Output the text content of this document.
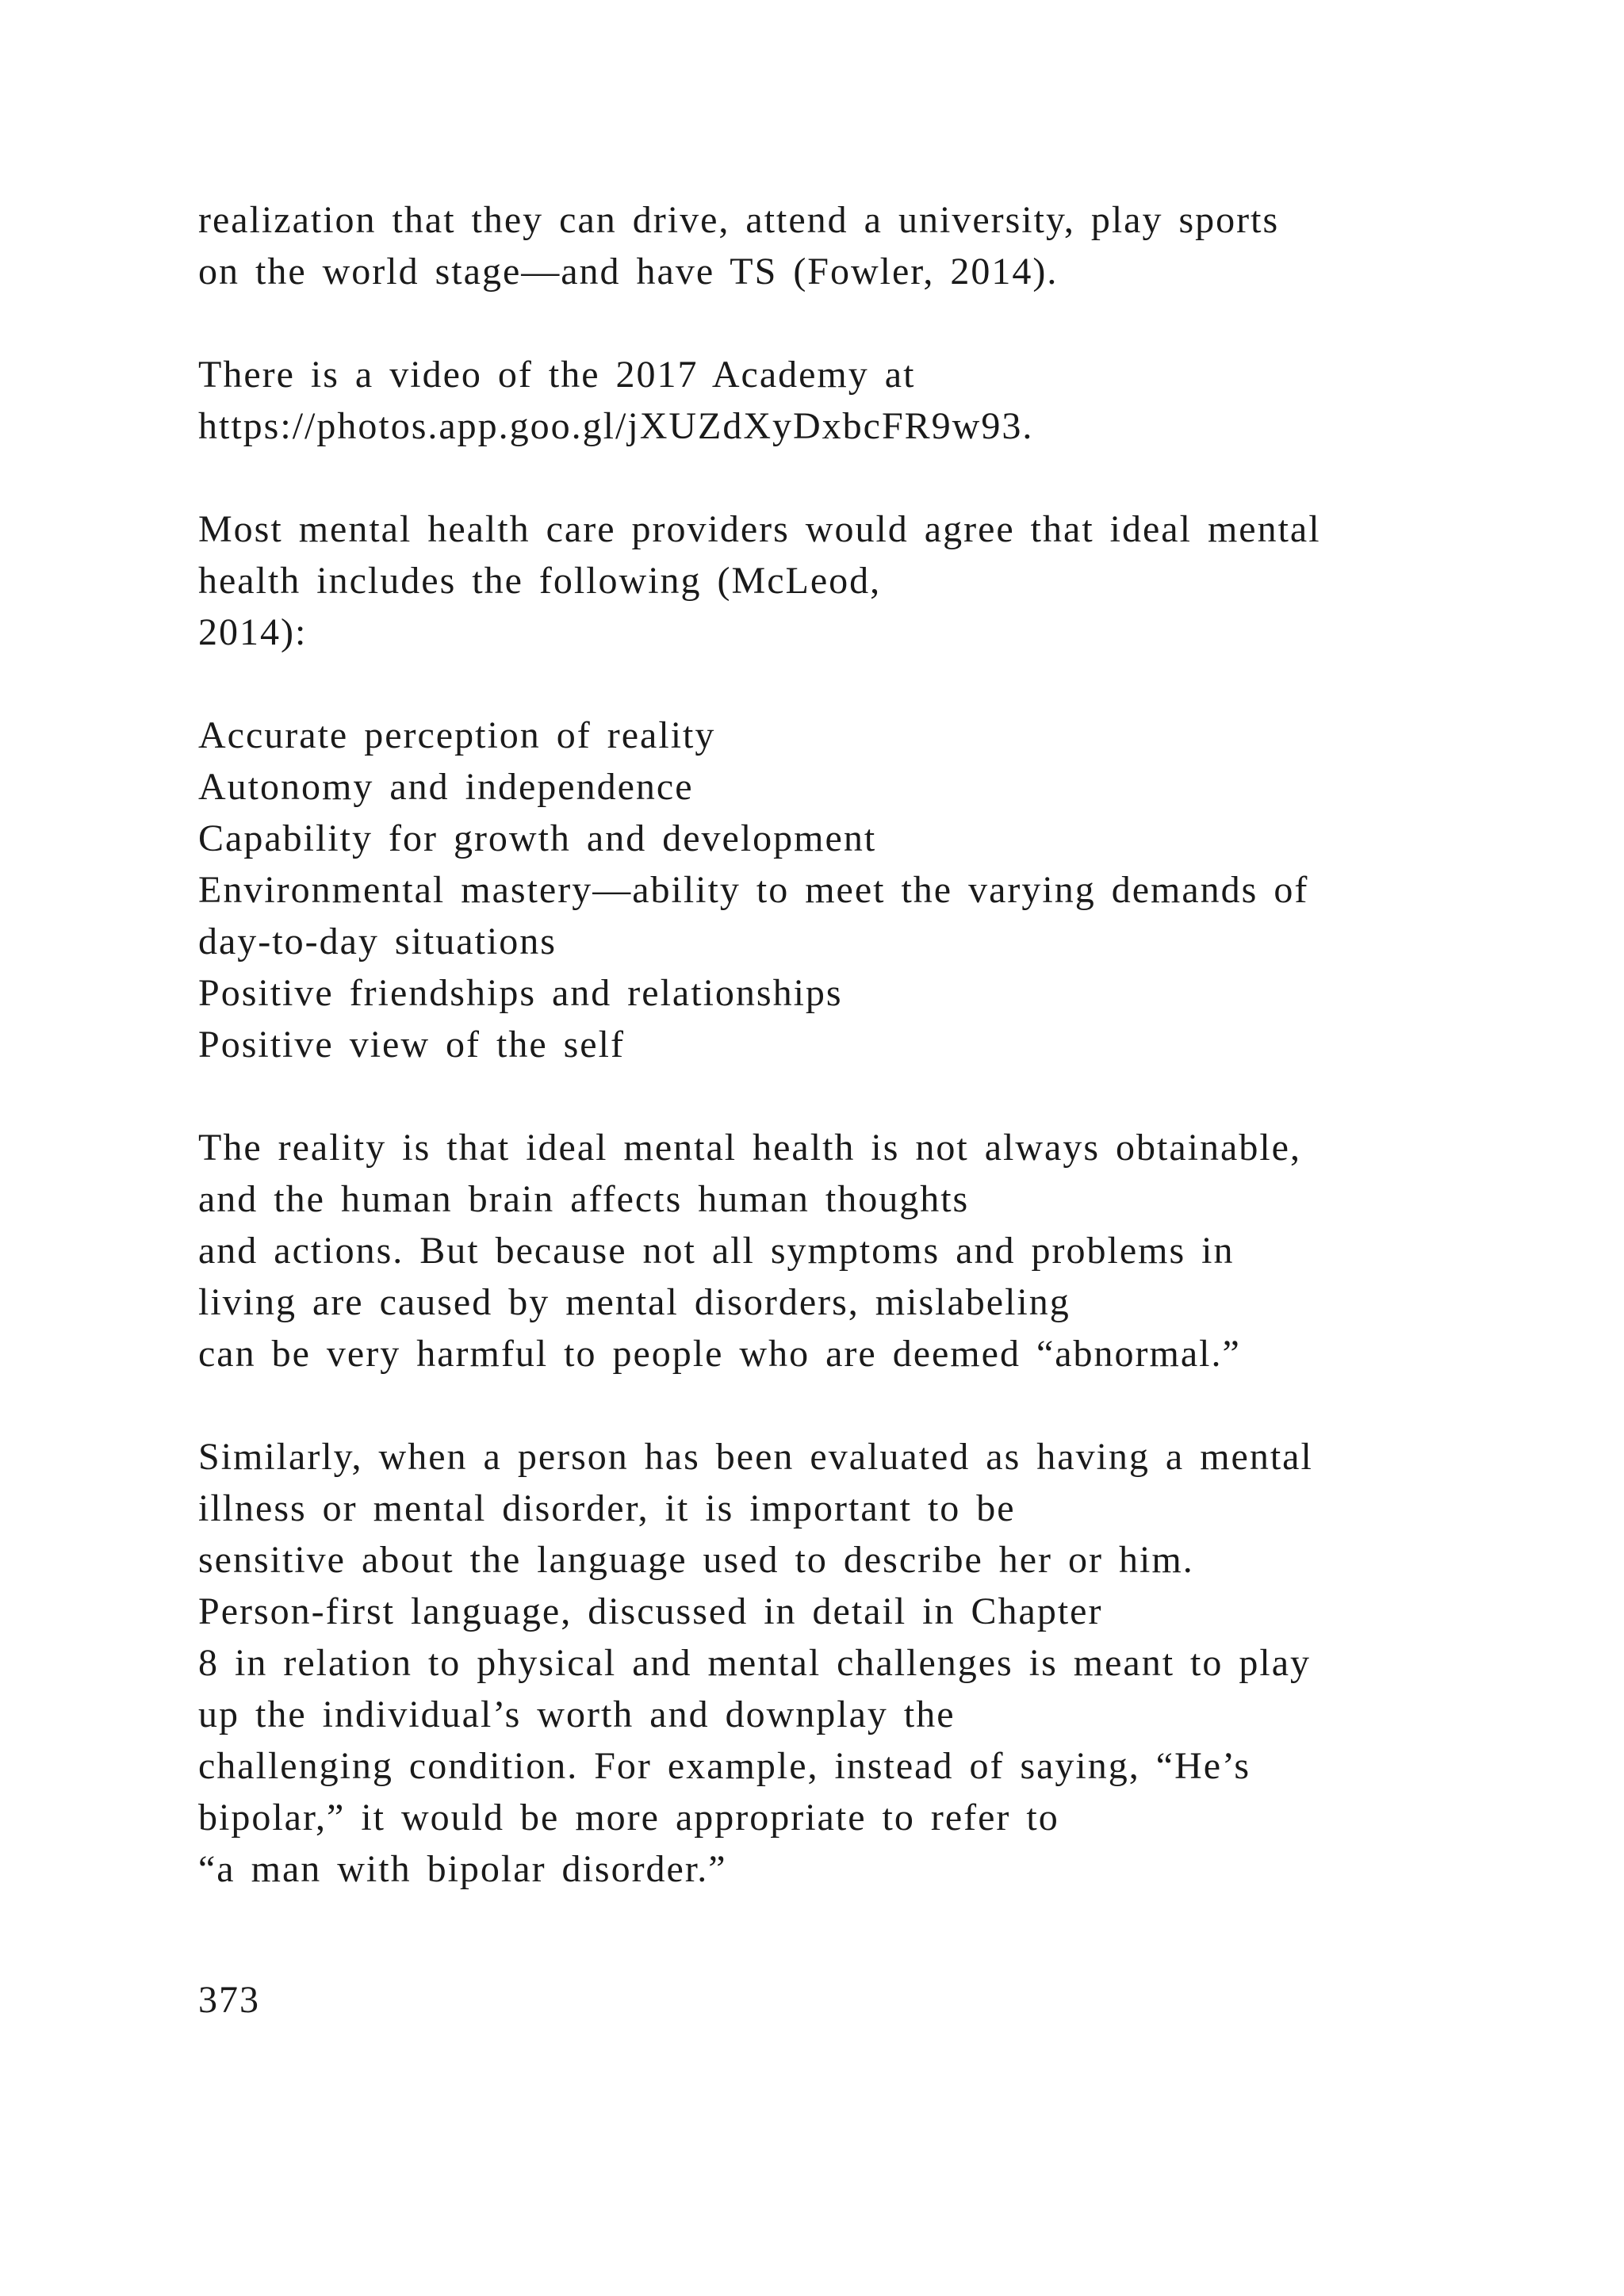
realization that they can drive, attend a university, play sports
on the world stage—and have TS (Fowler, 2014).

There is a video of the 2017 Academy at
https://photos.app.goo.gl/jXUZdXyDxbcFR9w93.

Most mental health care providers would agree that ideal mental
health includes the following (McLeod,
2014):

Accurate perception of reality
Autonomy and independence
Capability for growth and development
Environmental mastery—ability to meet the varying demands of
day-to-day situations
Positive friendships and relationships
Positive view of the self

The reality is that ideal mental health is not always obtainable,
and the human brain affects human thoughts
and actions. But because not all symptoms and problems in
living are caused by mental disorders, mislabeling
can be very harmful to people who are deemed “abnormal.”

Similarly, when a person has been evaluated as having a mental
illness or mental disorder, it is important to be
sensitive about the language used to describe her or him.
Person-first language, discussed in detail in Chapter
8 in relation to physical and mental challenges is meant to play
up the individual’s worth and downplay the
challenging condition. For example, instead of saying, “He’s
bipolar,” it would be more appropriate to refer to
“a man with bipolar disorder.”

373
